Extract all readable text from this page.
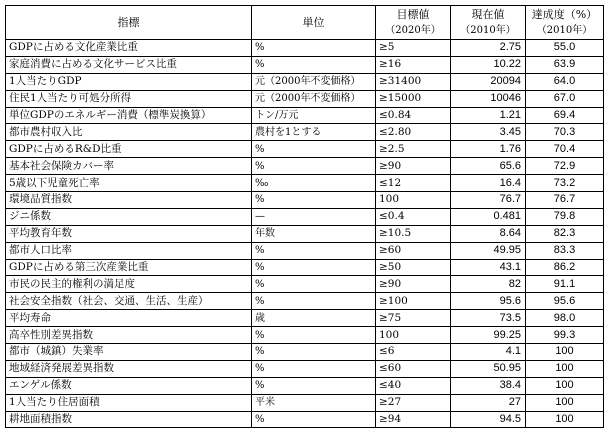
指標	単位	目標値	現在値	達成度（%）
		（2020年）	（2010年）	（2010年）
GDPに占める文化産業比重	%	≥5	2.75	55.0
家庭消費に占める文化サービス比重	%	≥16	10.22	63.9
1人当たりGDP	元（2000年不変価格）	≥31400	20094	64.0
住民1人当たり可処分所得	元（2000年不変価格）	≥15000	10046	67.0
単位GDPのエネルギー消費（標準炭換算）	トン/万元	≤0.84	1.21	69.4
都市農村収入比	農村を1とする	≤2.80	3.45	70.3
GDPに占めるR&D比重	%	≥2.5	1.76	70.4
基本社会保険カバー率	%	≥90	65.6	72.9
5歳以下児童死亡率	‰	≤12	16.4	73.2
環境品質指数	%	100	76.7	76.7
ジニ係数	—	≤0.4	0.481	79.8
平均教育年数	年数	≥10.5	8.64	82.3
都市人口比率	%	≥60	49.95	83.3
GDPに占める第三次産業比重	%	≥50	43.1	86.2
市民の民主的権利の満足度	%	≥90	82	91.1
社会安全指数（社会、交通、生活、生産）	%	≥100	95.6	95.6
平均寿命	歳	≥75	73.5	98.0
高卒性別差異指数	%	100	99.25	99.3
都市（城鎮）失業率	%	≤6	4.1	100
地域経済発展差異指数	%	≤60	50.95	100
エンゲル係数	%	≤40	38.4	100
1人当たり住居面積	平米	≥27	27	100
耕地面積指数	%	≥94	94.5	100
